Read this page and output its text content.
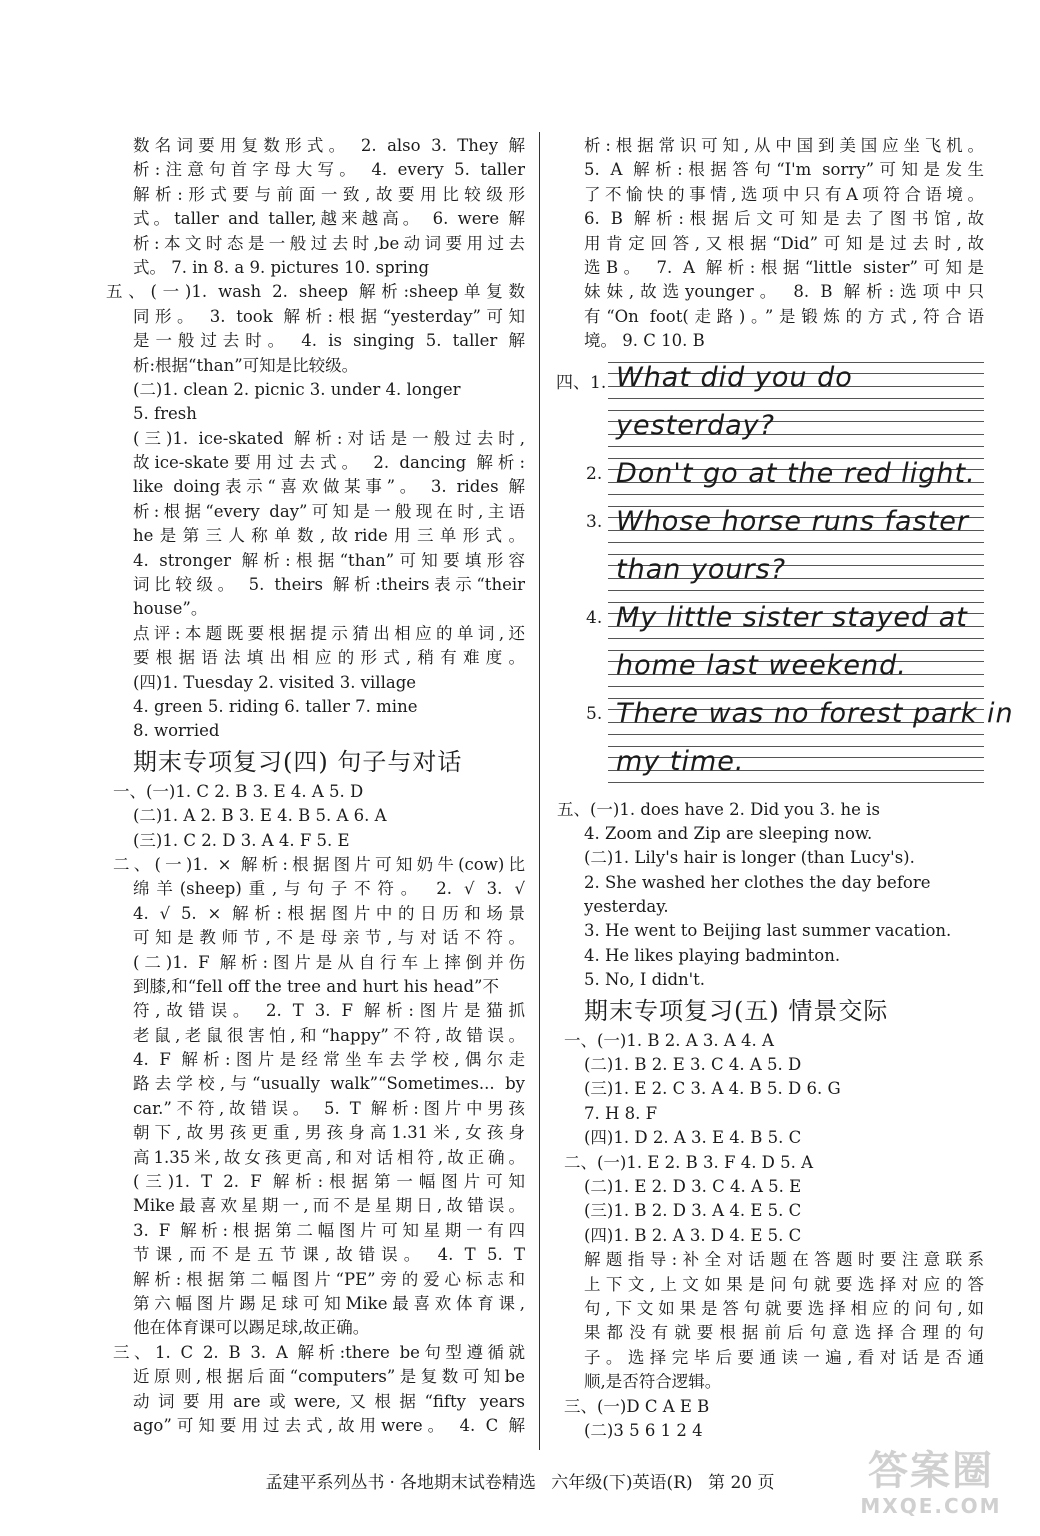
数名词要用复数形式。 2. also 3. They 解
析:注意句首字母大写。 4. every 5. taller
解析:形式要与前面一致,故要用比较级形
式。taller and taller,越来越高。 6. were 解
析:本文时态是一般过去时,be动词要用过去
式。 7. in 8. a 9. pictures 10. spring
五、(一)1. wash 2. sheep 解析:sheep单复数
同形。 3. took 解析:根据“yesterday”可知
是一般过去时。 4. is singing 5. taller 解
析:根据“than”可知是比较级。
(二)1. clean 2. picnic 3. under 4. longer
5. fresh
(三)1. ice-skated 解析:对话是一般过去时,
故ice-skate要用过去式。 2. dancing 解析:
like doing表示“喜欢做某事”。 3. rides 解
析:根据“every day”可知是一般现在时,主语
he是第三人称单数,故ride用三单形式。
4. stronger 解析:根据“than”可知要填形容
词比较级。 5. theirs 解析:theirs表示“their
house”。
点评:本题既要根据提示猜出相应的单词,还
要根据语法填出相应的形式,稍有难度。
(四)1. Tuesday 2. visited 3. village
4. green 5. riding 6. taller 7. mine
8. worried
期末专项复习(四) 句子与对话
一、(一)1. C 2. B 3. E 4. A 5. D
(二)1. A 2. B 3. E 4. B 5. A 6. A
(三)1. C 2. D 3. A 4. F 5. E
二、(一)1. × 解析:根据图片可知奶牛(cow)比
绵羊(sheep)重,与句子不符。 2. √ 3. √
4. √ 5. × 解析:根据图片中的日历和场景
可知是教师节,不是母亲节,与对话不符。
(二)1. F 解析:图片是从自行车上摔倒并伤
到膝,和“fell off the tree and hurt his head”不
符,故错误。 2. T 3. F 解析:图片是猫抓
老鼠,老鼠很害怕,和“happy”不符,故错误。
4. F 解析:图片是经常坐车去学校,偶尔走
路去学校,与“usually walk”“Sometimes... by
car.”不符,故错误。 5. T 解析:图片中男孩
朝下,故男孩更重,男孩身高1.31米,女孩身
高1.35米,故女孩更高,和对话相符,故正确。
(三)1. T 2. F 解析:根据第一幅图片可知
Mike最喜欢星期一,而不是星期日,故错误。
3. F 解析:根据第二幅图片可知星期一有四
节课,而不是五节课,故错误。 4. T 5. T
解析:根据第二幅图片“PE”旁的爱心标志和
第六幅图片踢足球可知Mike最喜欢体育课,
他在体育课可以踢足球,故正确。
三、1. C 2. B 3. A 解析:there be句型遵循就
近原则,根据后面“computers”是复数可知be
动词要用are或were,又根据“fifty years
ago”可知要用过去式,故用were。 4. C 解
析:根据常识可知,从中国到美国应坐飞机。
5. A 解析:根据答句“I'm sorry”可知是发生
了不愉快的事情,选项中只有A项符合语境。
6. B 解析:根据后文可知是去了图书馆,故
用肯定回答,又根据“Did”可知是过去时,故
选B。 7. A 解析:根据“little sister”可知是
妹妹,故选younger。 8. B 解析:选项中只
有“On foot(走路)。”是锻炼的方式,符合语
境。 9. C 10. B
四、1. What did you do
yesterday?
2. Don't go at the red light.
3. Whose horse runs faster
than yours?
4. My little sister stayed at
home last weekend.
5. There was no forest park in
my time.
五、(一)1. does have 2. Did you 3. he is
4. Zoom and Zip are sleeping now.
(二)1. Lily's hair is longer (than Lucy's).
2. She washed her clothes the day before
yesterday.
3. He went to Beijing last summer vacation.
4. He likes playing badminton.
5. No, I didn't.
期末专项复习(五) 情景交际
一、(一)1. B 2. A 3. A 4. A
(二)1. B 2. E 3. C 4. A 5. D
(三)1. E 2. C 3. A 4. B 5. D 6. G
7. H 8. F
(四)1. D 2. A 3. E 4. B 5. C
二、(一)1. E 2. B 3. F 4. D 5. A
(二)1. E 2. D 3. C 4. A 5. E
(三)1. B 2. D 3. A 4. E 5. C
(四)1. B 2. A 3. D 4. E 5. C
解题指导:补全对话题在答题时要注意联系
上下文,上文如果是问句就要选择对应的答
句,下文如果是答句就要选择相应的问句,如
果都没有就要根据前后句意选择合理的句
子。选择完毕后要通读一遍,看对话是否通
顺,是否符合逻辑。
三、(一)D C A E B
(二)3 5 6 1 2 4
孟建平系列丛书 · 各地期末试卷精选 六年级(下)英语(R) 第 20 页	答案圈
MXQE.COM
